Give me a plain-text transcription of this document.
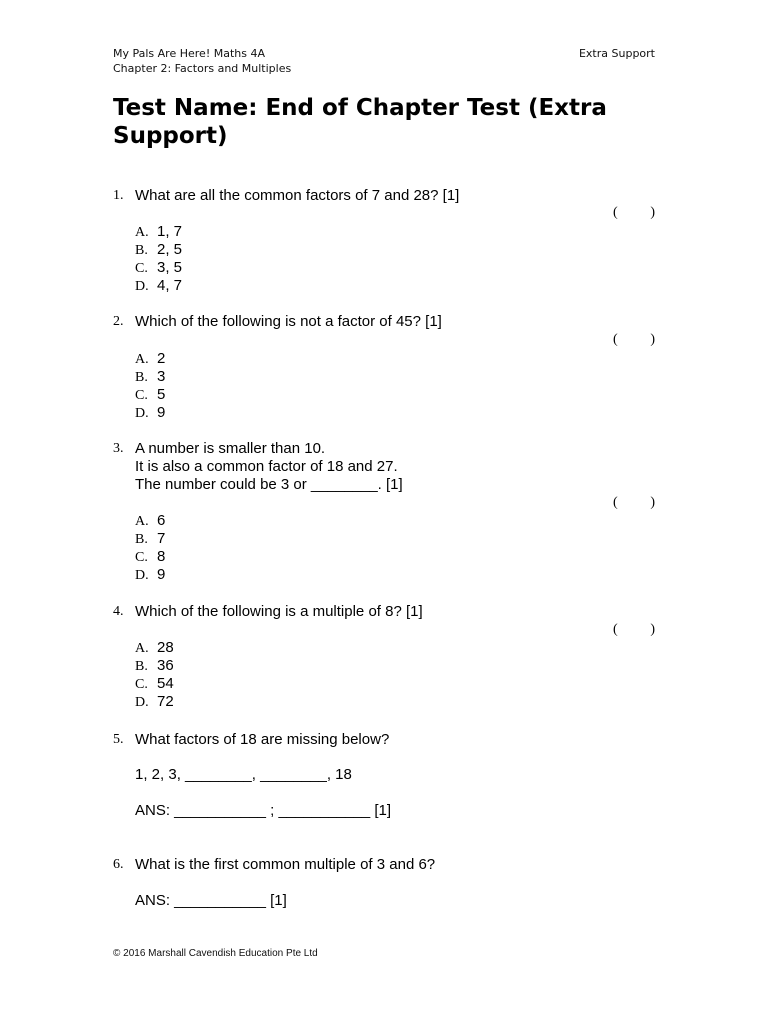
My Pals Are Here! Maths 4A
Chapter 2: Factors and Multiples
Extra Support
Test Name: End of Chapter Test (Extra Support)
1. What are all the common factors of 7 and 28? [1]
( )
A. 1, 7
B. 2, 5
C. 3, 5
D. 4, 7
2. Which of the following is not a factor of 45? [1]
( )
A. 2
B. 3
C. 5
D. 9
3. A number is smaller than 10.
It is also a common factor of 18 and 27.
The number could be 3 or ________. [1]
( )
A. 6
B. 7
C. 8
D. 9
4. Which of the following is a multiple of 8? [1]
( )
A. 28
B. 36
C. 54
D. 72
5. What factors of 18 are missing below?
1, 2, 3, ________, ________, 18
ANS: ___________ ; ___________ [1]
6. What is the first common multiple of 3 and 6?
ANS: ___________ [1]
© 2016 Marshall Cavendish Education Pte Ltd
